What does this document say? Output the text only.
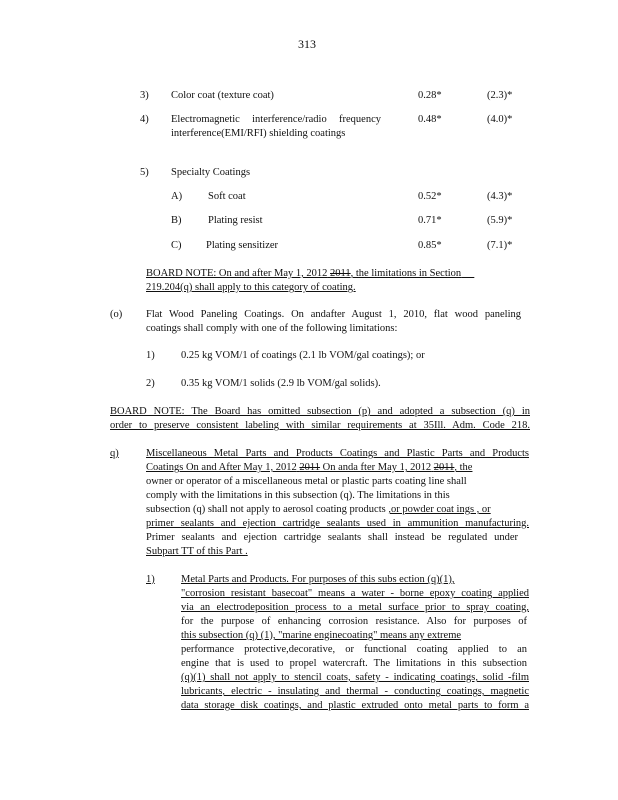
313
3) Color coat (texture coat)	0.28*	(2.3)*
4) Electromagnetic interference/radio frequency
interference(EMI/RFI) shielding coatings
0.48*	(4.0)*
5) Specialty Coatings
A) Soft coat	0.52*	(4.3)*
B)	Plating resist	0.71*	(5.9)*
C) Plating sensitizer	0.85*	(7.1)*
BOARD NOTE: On and after May 1, 2012 2011, the limitations in Section
219.204(q) shall apply to this category of coating.
(o) Flat Wood Paneling Coatings. On andafter August 1, 2010, flat wood paneling
coatings shall comply with one of the following limitations:
1)	0.25 kg VOM/1 of coatings (2.1 lb VOM/gal coatings); or
2)	0.35 kg VOM/1 solids (2.9 lb VOM/gal solids).
BOARD NOTE: The Board has omitted subsection (p) and adopted a subsection (q) in
order to preserve consistent labeling with similar requirements at 35Ill. Adm. Code 218.
q)	Miscellaneous Metal Parts and Products Coatings and Plastic Parts and Products
Coatings On and After May 1, 2012 2011 On anda fter May 1, 2012 2011, the
owner or operator of a miscellaneous metal or plastic parts coating line shall
comply with the limitations in this subsection (q). The limitations in this
subsection (q) shall not apply to aerosol coating products ,or powder coat ings , or
primer sealants and ejection cartridge sealants used in ammunition manufacturing.
Primer sealants and ejection cartridge sealants shall instead be regulated under
Subpart TT of this Part .
1)	Metal Parts and Products. For purposes of this subs ection (q)(1),
"corrosion resistant basecoat" means a water - borne epoxy coating applied
via an electrodeposition process to a metal surface prior to spray coating,
for the purpose of enhancing corrosion resistance. Also for purposes of
this subsection (q) (1), "marine enginecoating" means any extreme
performance protective,decorative, or functional coating applied to an
engine that is used to propel watercraft. The limitations in this subsection
(q)(1) shall not apply to stencil coats, safety - indicating coatings, solid -film
lubricants, electric - insulating and thermal - conducting coatings, magnetic
data storage disk coatings, and plastic extruded onto metal parts to form a
